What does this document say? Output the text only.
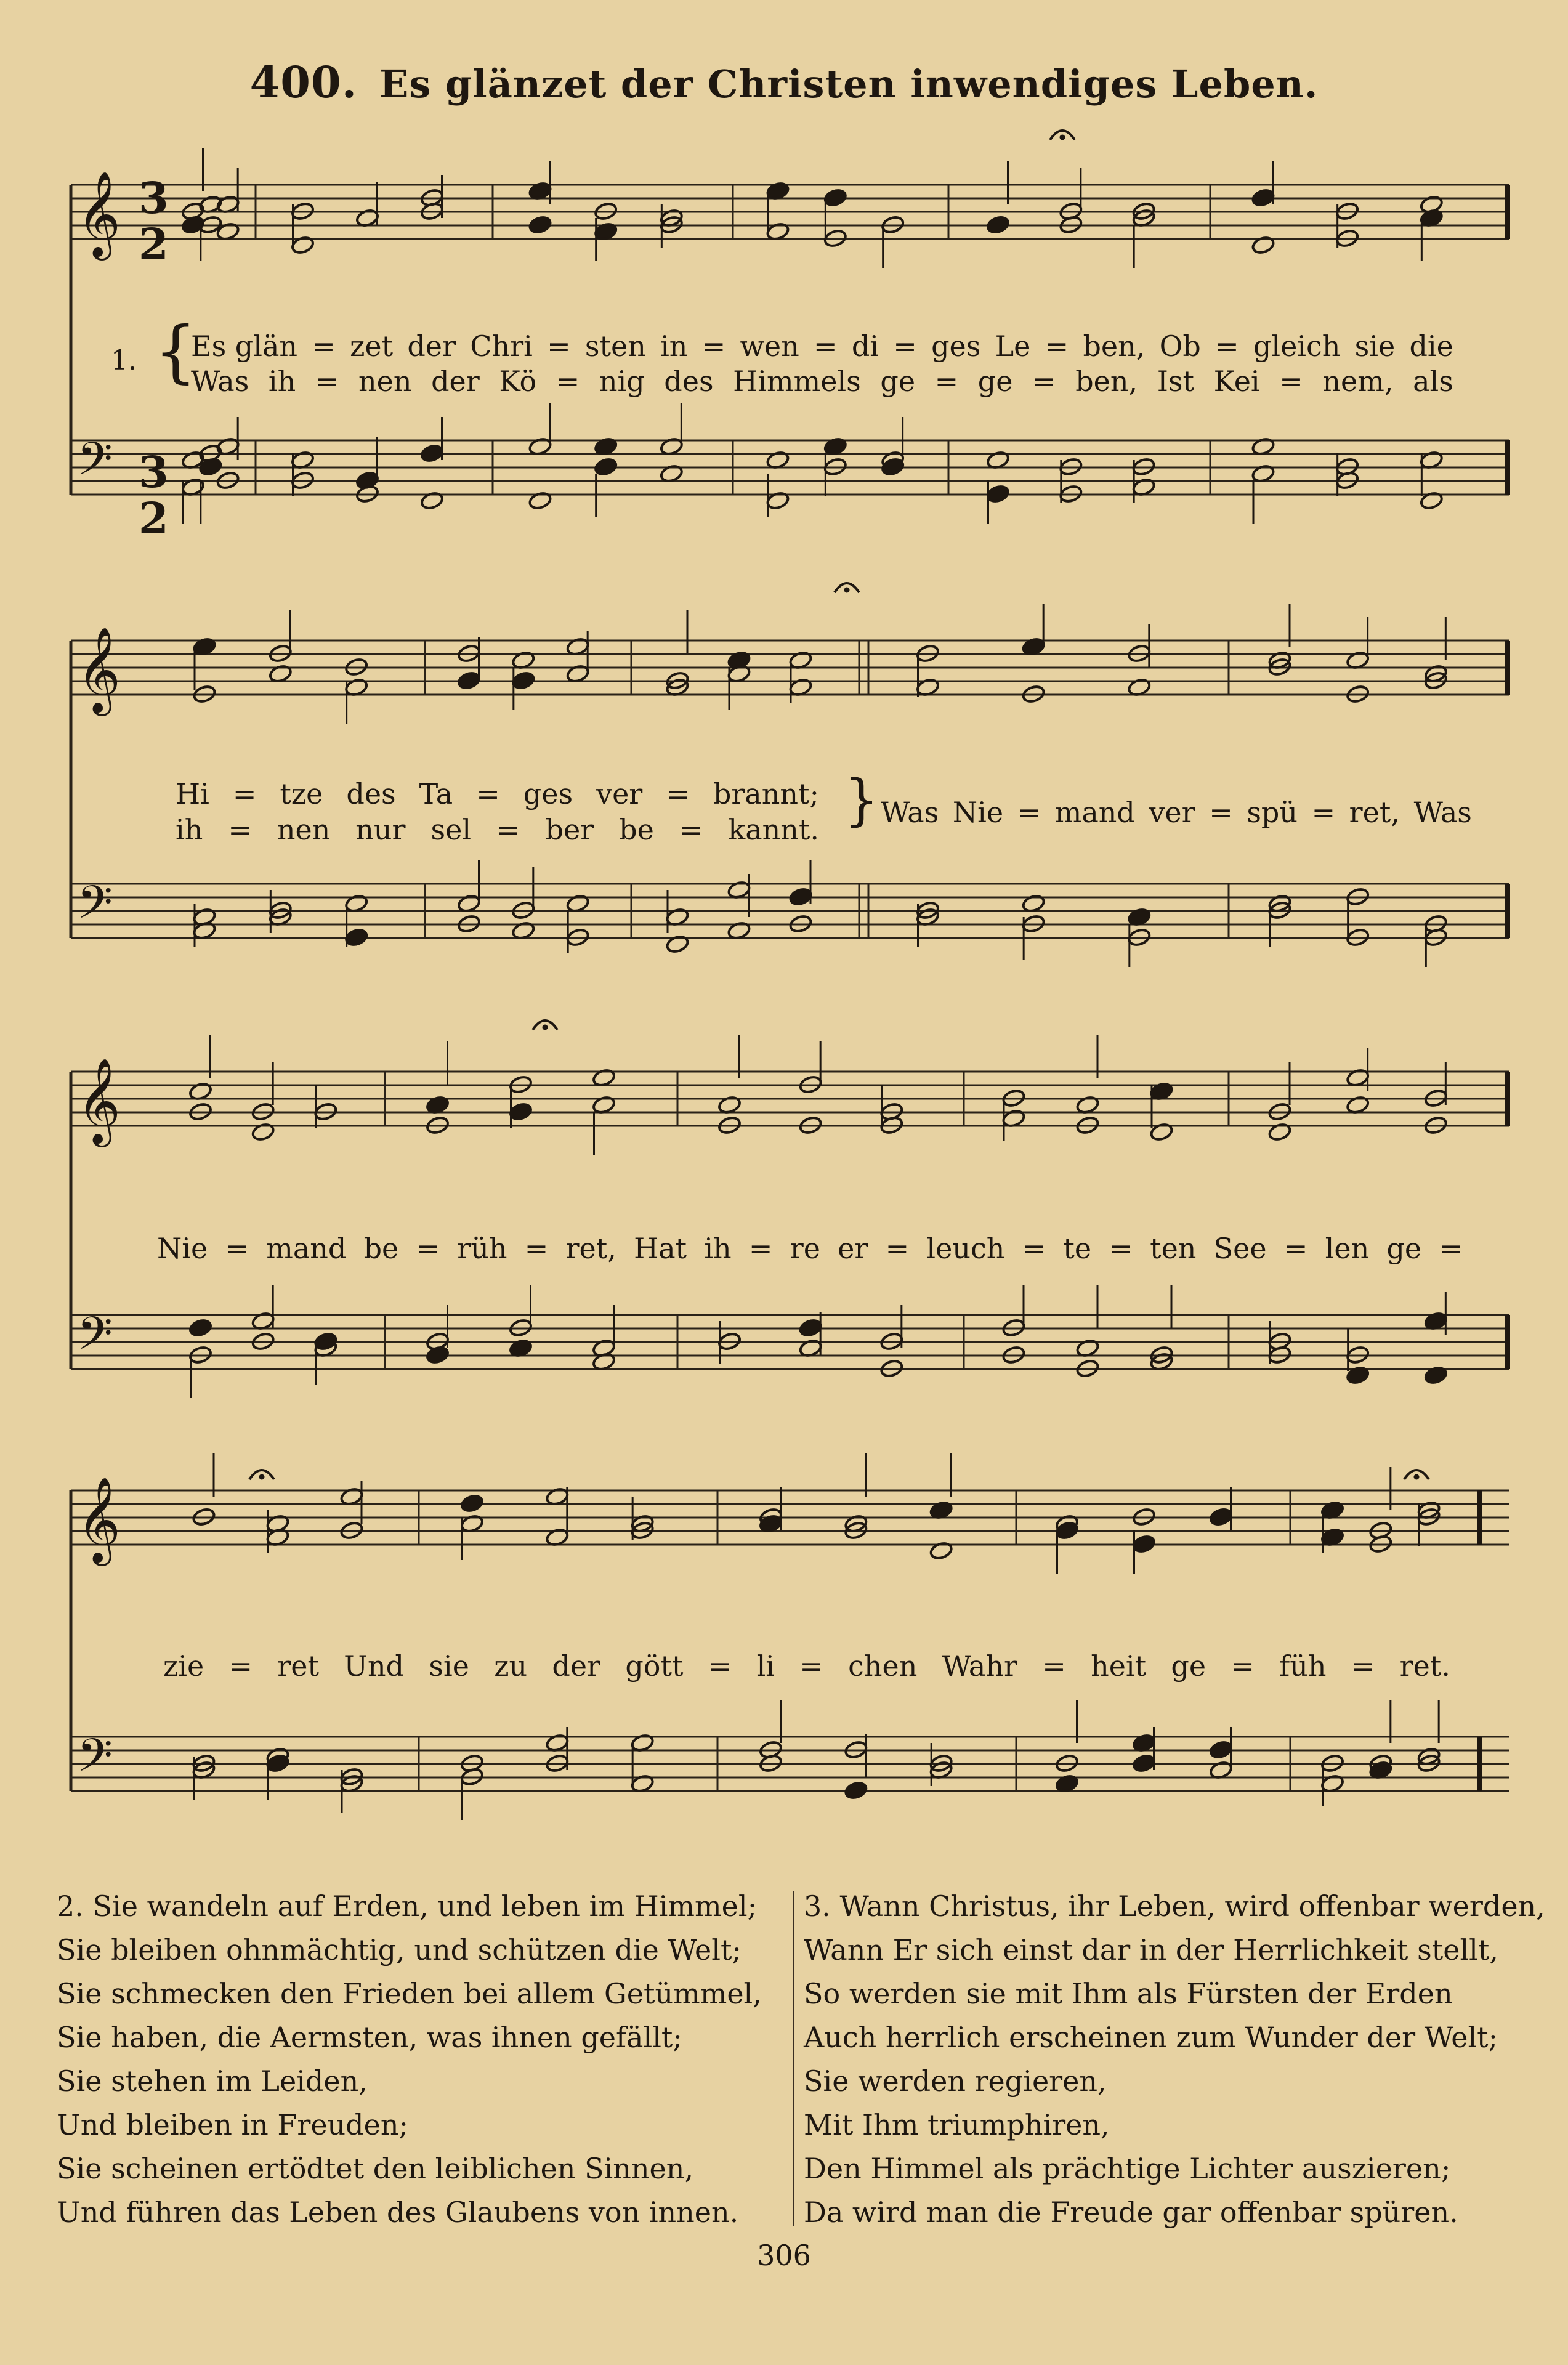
400. Es glänzet der Christen inwendiges Leben.
𝄞
𝄢
𝄞
𝄢
𝄞
𝄢
𝄞
𝄢
3
2
3
2
1. {
Es glän = zet der Chri = sten in = wen = di = ges Le = ben, Ob = gleich sie die
Was ih = nen der Kö = nig des Himmels ge = ge = ben, Ist Kei = nem, als
Hi = tze des Ta = ges ver = brannt;
ih = nen nur sel = ber be = kannt. } Was Nie = mand ver = spü = ret, Was
Nie = mand be = rüh = ret, Hat ih = re er = leuch = te = ten See = len ge =
zie = ret Und sie zu der gött = li = chen Wahr = heit ge = füh = ret.
2. Sie wandeln auf Erden, und leben im Himmel;
Sie bleiben ohnmächtig, und schützen die Welt;
Sie schmecken den Frieden bei allem Getümmel,
Sie haben, die Aermsten, was ihnen gefällt;
Sie stehen im Leiden,
Und bleiben in Freuden;
Sie scheinen ertödtet den leiblichen Sinnen,
Und führen das Leben des Glaubens von innen.
3. Wann Christus, ihr Leben, wird offenbar werden,
Wann Er sich einst dar in der Herrlichkeit stellt,
So werden sie mit Ihm als Fürsten der Erden
Auch herrlich erscheinen zum Wunder der Welt;
Sie werden regieren,
Mit Ihm triumphiren,
Den Himmel als prächtige Lichter auszieren;
Da wird man die Freude gar offenbar spüren.
306
